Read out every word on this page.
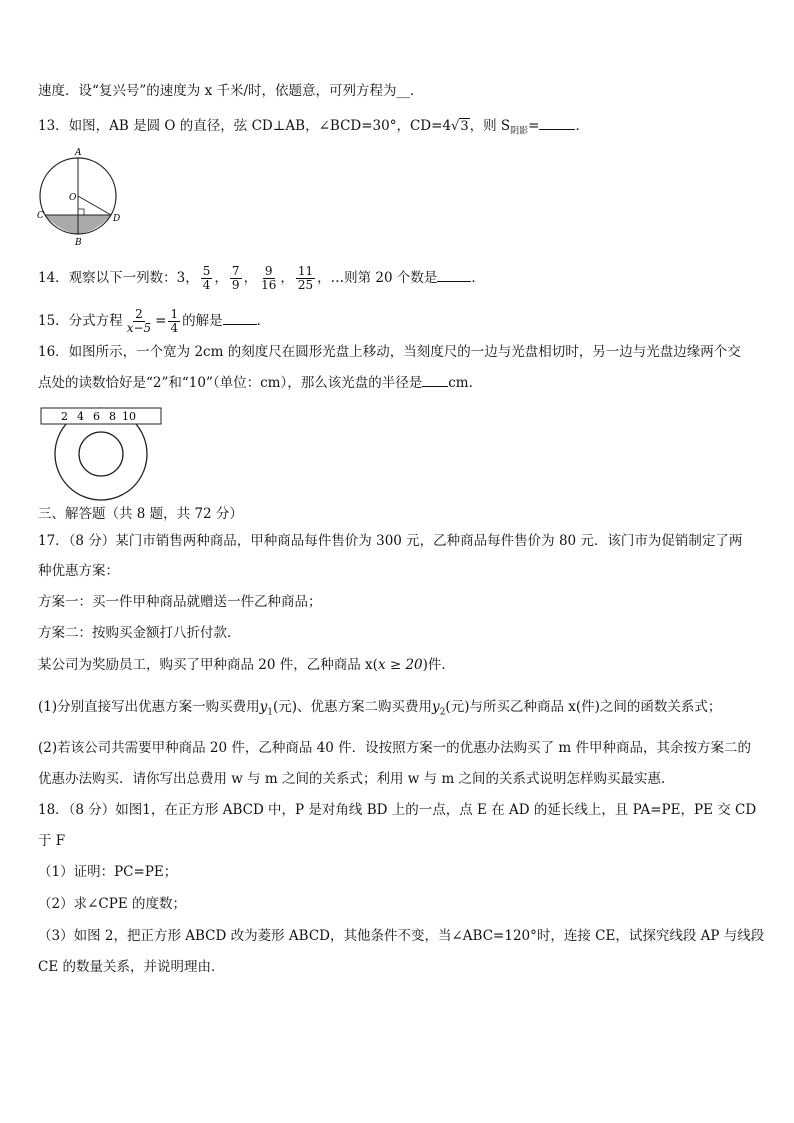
速度．设“复兴号”的速度为 x 千米/时，依题意，可列方程为__．
13．如图，AB 是圆 O 的直径，弦 CD⊥AB，∠BCD=30°，CD=4√3，则 $S_{阴影}=$	．
A
O
C	D
B
14．观察以下一列数：3， $\frac{5}{4}$ ， $\frac{7}{9}$ ， $\frac{9}{16}$ ， $\frac{11}{25}$ ，…则第 20 个数是	．
15．分式方程 $\frac{2}{x-5} = \frac{1}{4}$ 的解是	．
16．如图所示，一个宽为 2cm 的刻度尺在圆形光盘上移动，当刻度尺的一边与光盘相切时，另一边与光盘边缘两个交
点处的读数恰好是“2”和“10”（单位：cm），那么该光盘的半径是 cm.
2 4 6 8 10
三、解答题（共 8 题，共 72 分）
17．（8 分）某门市销售两种商品，甲种商品每件售价为 300 元，乙种商品每件售价为 80 元．该门市为促销制定了两
种优惠方案：
方案一：买一件甲种商品就赠送一件乙种商品；
方案二：按购买金额打八折付款．
某公司为奖励员工，购买了甲种商品 20 件，乙种商品 x(x ≥ 20)件．
(1)分别直接写出优惠方案一购买费用$y_1$(元)、优惠方案二购买费用$y_2$(元)与所买乙种商品 x(件)之间的函数关系式；
(2)若该公司共需要甲种商品 20 件，乙种商品 40 件．设按照方案一的优惠办法购买了 m 件甲种商品，其余按方案二的
优惠办法购买．请你写出总费用 w 与 m 之间的关系式；利用 w 与 m 之间的关系式说明怎样购买最实惠．
18．（8 分）如图1，在正方形 ABCD 中，P 是对角线 BD 上的一点，点 E 在 AD 的延长线上，且 PA=PE，PE 交 CD
于 F
（1）证明：PC=PE；
（2）求∠CPE 的度数；
（3）如图 2，把正方形 ABCD 改为菱形 ABCD，其他条件不变，当∠ABC=120°时，连接 CE，试探究线段 AP 与线段
CE 的数量关系，并说明理由．
